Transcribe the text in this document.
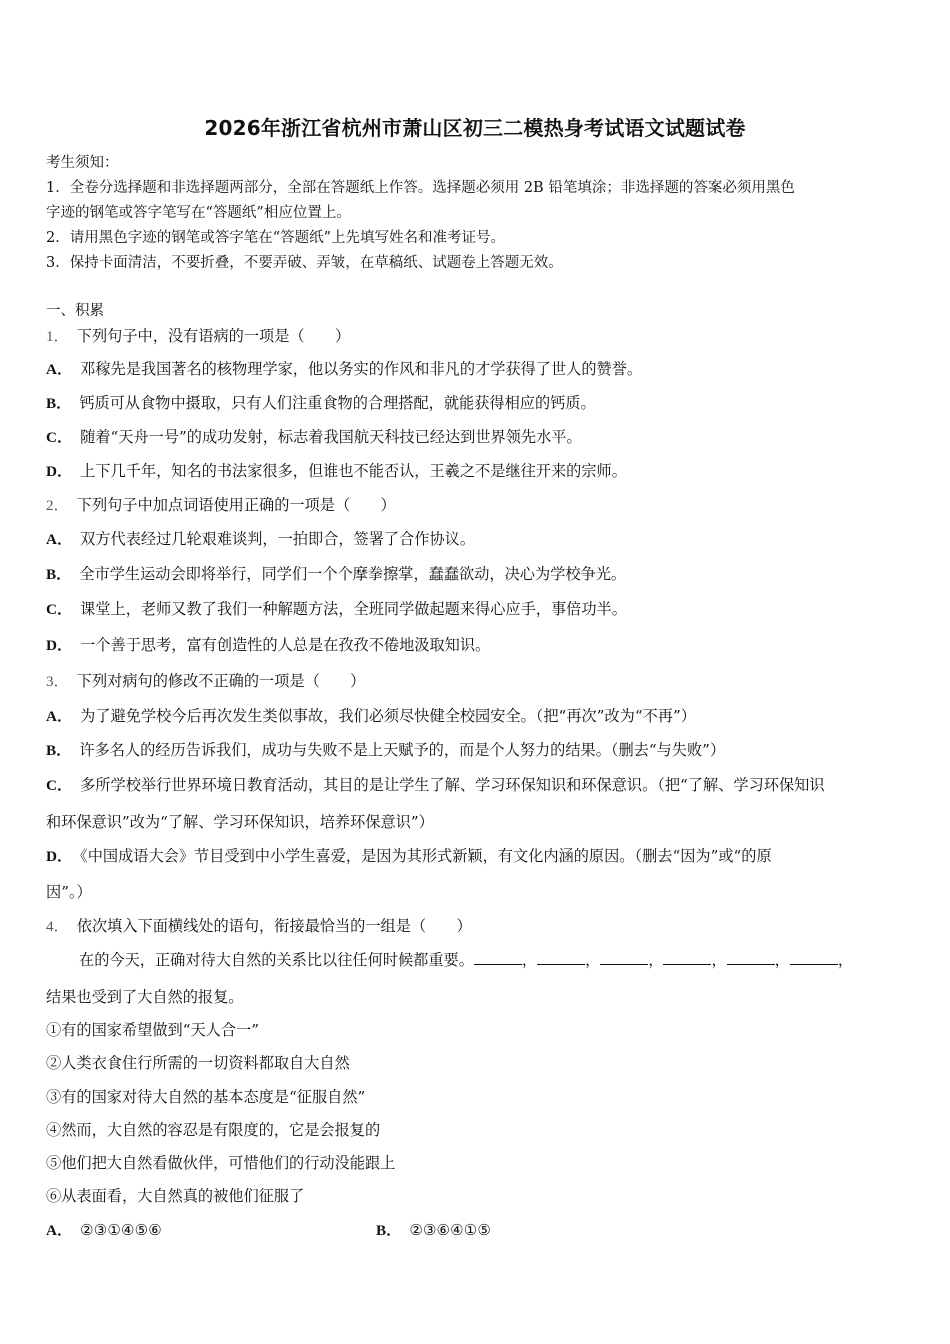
2026年浙江省杭州市萧山区初三二模热身考试语文试题试卷
考生须知：
1．全卷分选择题和非选择题两部分，全部在答题纸上作答。选择题必须用 2B 铅笔填涂；非选择题的答案必须用黑色
字迹的钢笔或答字笔写在“答题纸”相应位置上。
2．请用黑色字迹的钢笔或答字笔在“答题纸”上先填写姓名和准考证号。
3．保持卡面清洁，不要折叠，不要弄破、弄皱，在草稿纸、试题卷上答题无效。
一、积累
1． 下列句子中，没有语病的一项是（　　）
A． 邓稼先是我国著名的核物理学家，他以务实的作风和非凡的才学获得了世人的赞誉。
B． 钙质可从食物中摄取，只有人们注重食物的合理搭配，就能获得相应的钙质。
C． 随着“天舟一号”的成功发射，标志着我国航天科技已经达到世界领先水平。
D． 上下几千年，知名的书法家很多，但谁也不能否认，王羲之不是继往开来的宗师。
2． 下列句子中加点词语使用正确的一项是（　　）
A． 双方代表经过几轮艰难谈判，一拍即合，签署了合作协议。
B． 全市学生运动会即将举行，同学们一个个摩拳擦掌，蠢蠢欲动，决心为学校争光。
C． 课堂上，老师又教了我们一种解题方法，全班同学做起题来得心应手，事倍功半。
D． 一个善于思考，富有创造性的人总是在孜孜不倦地汲取知识。
3． 下列对病句的修改不正确的一项是（　　）
A． 为了避免学校今后再次发生类似事故，我们必须尽快健全校园安全。（把“再次”改为“不再”）
B． 许多名人的经历告诉我们，成功与失败不是上天赋予的，而是个人努力的结果。（删去“与失败”）
C． 多所学校举行世界环境日教育活动，其目的是让学生了解、学习环保知识和环保意识。（把“了解、学习环保知识
和环保意识”改为“了解、学习环保知识，培养环保意识”）
D． 《中国成语大会》节目受到中小学生喜爱，是因为其形式新颖，有文化内涵的原因。（删去“因为”或“的原
因”。）
4． 依次填入下面横线处的语句，衔接最恰当的一组是（　　）
在的今天，正确对待大自然的关系比以往任何时候都重要。	，	，	，	，	，	，
结果也受到了大自然的报复。
①有的国家希望做到“天人合一”
②人类衣食住行所需的一切资料都取自大自然
③有的国家对待大自然的基本态度是“征服自然”
④然而，大自然的容忍是有限度的，它是会报复的
⑤他们把大自然看做伙伴，可惜他们的行动没能跟上
⑥从表面看，大自然真的被他们征服了
A． ②③①④⑤⑥	B． ②③⑥④①⑤
